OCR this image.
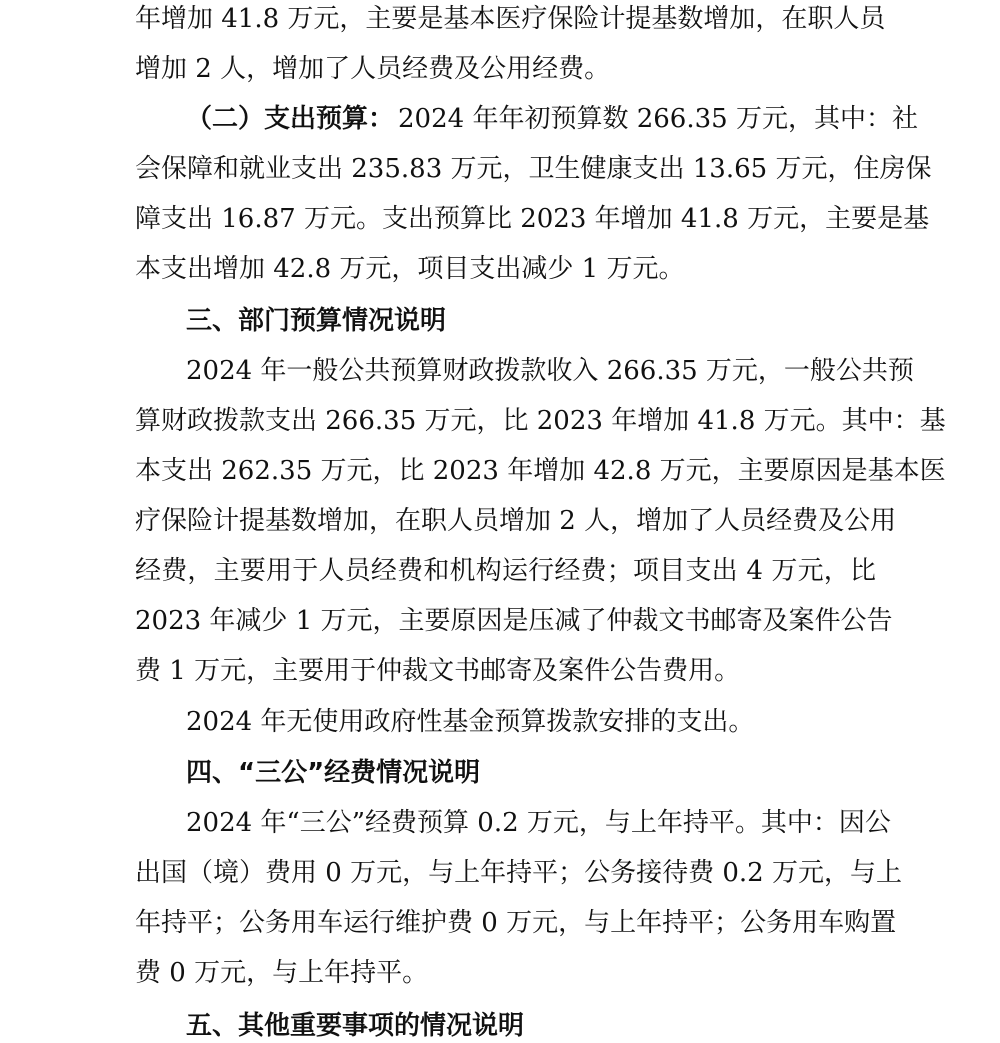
年增加 41.8 万元，主要是基本医疗保险计提基数增加，在职人员
增加 2 人，增加了人员经费及公用经费。
（二）支出预算： 2024 年年初预算数 266.35 万元，其中：社
会保障和就业支出 235.83 万元，卫生健康支出 13.65 万元，住房保
障支出 16.87 万元。支出预算比 2023 年增加 41.8 万元，主要是基
本支出增加 42.8 万元，项目支出减少 1 万元。
三、部门预算情况说明
2024 年一般公共预算财政拨款收入 266.35 万元，一般公共预
算财政拨款支出 266.35 万元，比 2023 年增加 41.8 万元。其中：基
本支出 262.35 万元，比 2023 年增加 42.8 万元，主要原因是基本医
疗保险计提基数增加，在职人员增加 2 人，增加了人员经费及公用
经费，主要用于人员经费和机构运行经费；项目支出 4 万元，比
2023 年减少 1 万元，主要原因是压减了仲裁文书邮寄及案件公告
费 1 万元，主要用于仲裁文书邮寄及案件公告费用。
2024 年无使用政府性基金预算拨款安排的支出。
四、“三公”经费情况说明
2024 年“三公”经费预算 0.2 万元，与上年持平。其中：因公
出国（境）费用 0 万元，与上年持平；公务接待费 0.2 万元，与上
年持平；公务用车运行维护费 0 万元，与上年持平；公务用车购置
费 0 万元，与上年持平。
五、其他重要事项的情况说明
